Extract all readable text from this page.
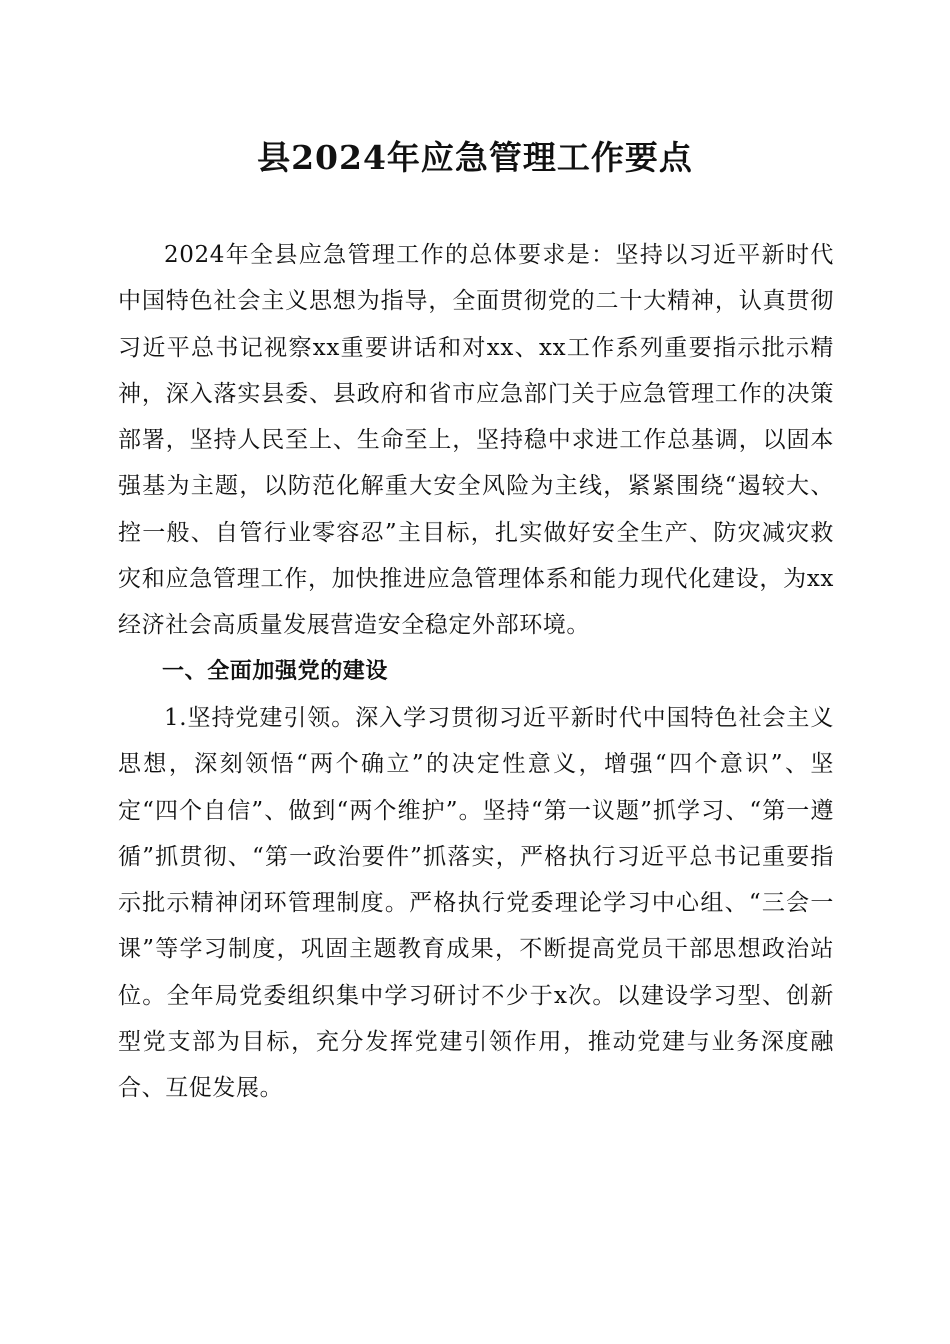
县2024年应急管理工作要点

2024年全县应急管理工作的总体要求是：坚持以习近平新时代中国特色社会主义思想为指导，全面贯彻党的二十大精神，认真贯彻习近平总书记视察xx重要讲话和对xx、xx工作系列重要指示批示精神，深入落实县委、县政府和省市应急部门关于应急管理工作的决策部署，坚持人民至上、生命至上，坚持稳中求进工作总基调，以固本强基为主题，以防范化解重大安全风险为主线，紧紧围绕“遏较大、控一般、自管行业零容忍”主目标，扎实做好安全生产、防灾减灾救灾和应急管理工作，加快推进应急管理体系和能力现代化建设，为xx经济社会高质量发展营造安全稳定外部环境。

一、全面加强党的建设

1.坚持党建引领。深入学习贯彻习近平新时代中国特色社会主义思想，深刻领悟“两个确立”的决定性意义，增强“四个意识”、坚定“四个自信”、做到“两个维护”。坚持“第一议题”抓学习、“第一遵循”抓贯彻、“第一政治要件”抓落实，严格执行习近平总书记重要指示批示精神闭环管理制度。严格执行党委理论学习中心组、“三会一课”等学习制度，巩固主题教育成果，不断提高党员干部思想政治站位。全年局党委组织集中学习研讨不少于x次。以建设学习型、创新型党支部为目标，充分发挥党建引领作用，推动党建与业务深度融合、互促发展。
